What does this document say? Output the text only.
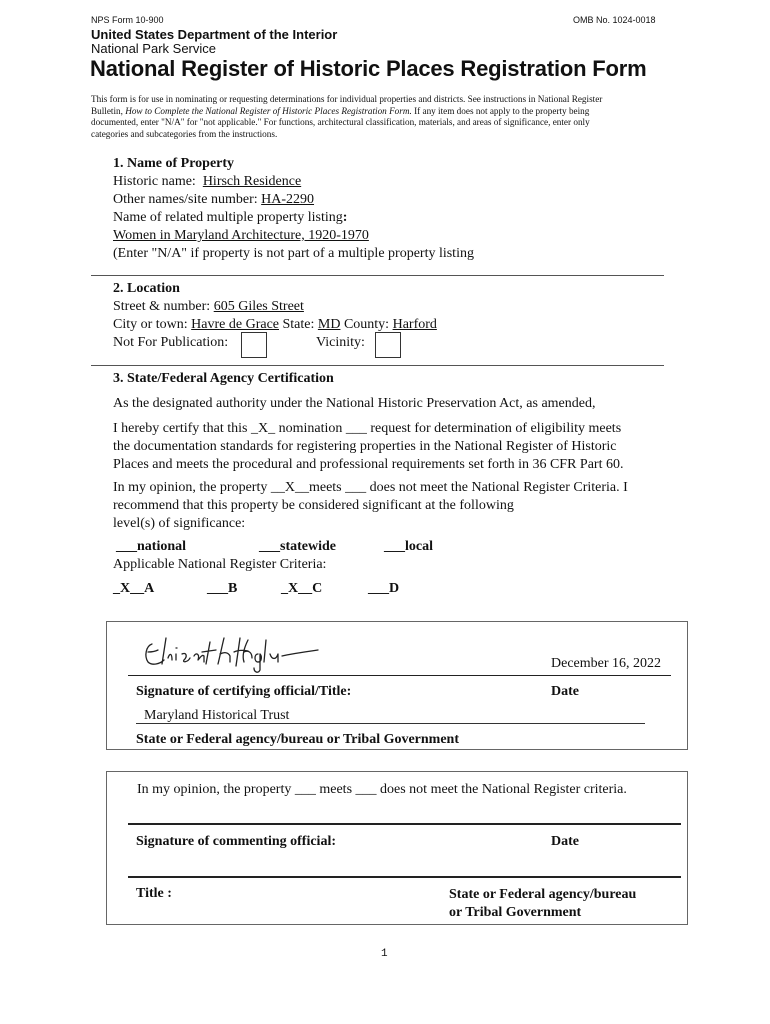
NPS Form 10-900	OMB No. 1024-0018
United States Department of the Interior
National Park Service
National Register of Historic Places Registration Form
This form is for use in nominating or requesting determinations for individual properties and districts. See instructions in National Register
Bulletin, How to Complete the National Register of Historic Places Registration Form. If any item does not apply to the property being
documented, enter "N/A" for "not applicable." For functions, architectural classification, materials, and areas of significance, enter only
categories and subcategories from the instructions.
1. Name of Property
Historic name: Hirsch Residence
Other names/site number: HA-2290
Name of related multiple property listing:
Women in Maryland Architecture, 1920-1970
(Enter "N/A" if property is not part of a multiple property listing
2. Location
Street & number: 605 Giles Street
City or town: Havre de Grace State: MD County: Harford
Not For Publication:	Vicinity:
3. State/Federal Agency Certification
As the designated authority under the National Historic Preservation Act, as amended,
I hereby certify that this _X_ nomination ___ request for determination of eligibility meets
the documentation standards for registering properties in the National Register of Historic
Places and meets the procedural and professional requirements set forth in 36 CFR Part 60.
In my opinion, the property __X__meets ___ does not meet the National Register Criteria. I
recommend that this property be considered significant at the following
level(s) of significance:
___national	___statewide	___local
Applicable National Register Criteria:
_X__A	___B	_X__C	___D
December 16, 2022
Signature of certifying official/Title:	Date
Maryland Historical Trust
State or Federal agency/bureau or Tribal Government
In my opinion, the property ___ meets ___ does not meet the National Register criteria.
Signature of commenting official:	Date
Title :	State or Federal agency/bureau
or Tribal Government
1
